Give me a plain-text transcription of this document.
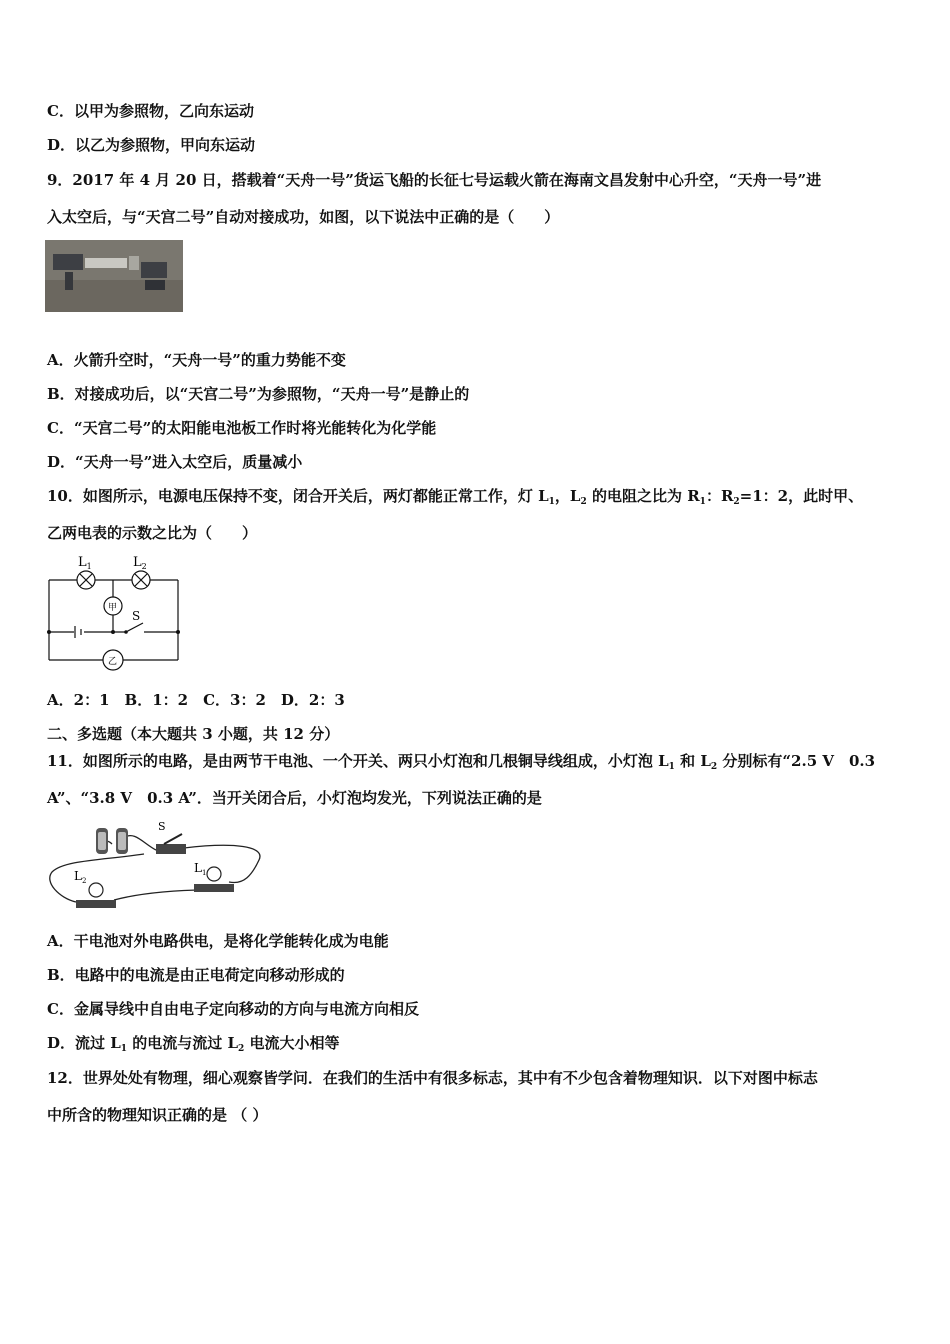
C．以甲为参照物，乙向东运动
D．以乙为参照物，甲向东运动
9．2017 年 4 月 20 日，搭载着“天舟一号”货运飞船的长征七号运载火箭在海南文昌发射中心升空，“天舟一号”进
入太空后，与“天宫二号”自动对接成功，如图，以下说法中正确的是（　　）
A．火箭升空时，“天舟一号”的重力势能不变
B．对接成功后，以“天宫二号”为参照物，“天舟一号”是静止的
C．“天宫二号”的太阳能电池板工作时将光能转化为化学能
D．“天舟一号”进入太空后，质量减小
10．如图所示，电源电压保持不变，闭合开关后，两灯都能正常工作，灯 $L_1$，$L_2$ 的电阻之比为 $R_1$：$R_2=1$：2，此时甲、
乙两电表的示数之比为（　　）
$L_1$	$L_2$
甲
乙
S
A．2：1　B．1：2　C．3：2　D．2：3
二、多选题（本大题共 3 小题，共 12 分）
11．如图所示的电路，是由两节干电池、一个开关、两只小灯泡和几根铜导线组成，小灯泡 $L_1$ 和 $L_2$ 分别标有“2.5 V　0.3
A”、“3.8 V　0.3 A”．当开关闭合后，小灯泡均发光，下列说法正确的是
S
$L_2$
$L_1$
A．干电池对外电路供电，是将化学能转化成为电能
B．电路中的电流是由正电荷定向移动形成的
C．金属导线中自由电子定向移动的方向与电流方向相反
D．流过 $L_1$ 的电流与流过 $L_2$ 电流大小相等
12．世界处处有物理，细心观察皆学问．在我们的生活中有很多标志，其中有不少包含着物理知识．以下对图中标志
中所含的物理知识正确的是 （ ）
